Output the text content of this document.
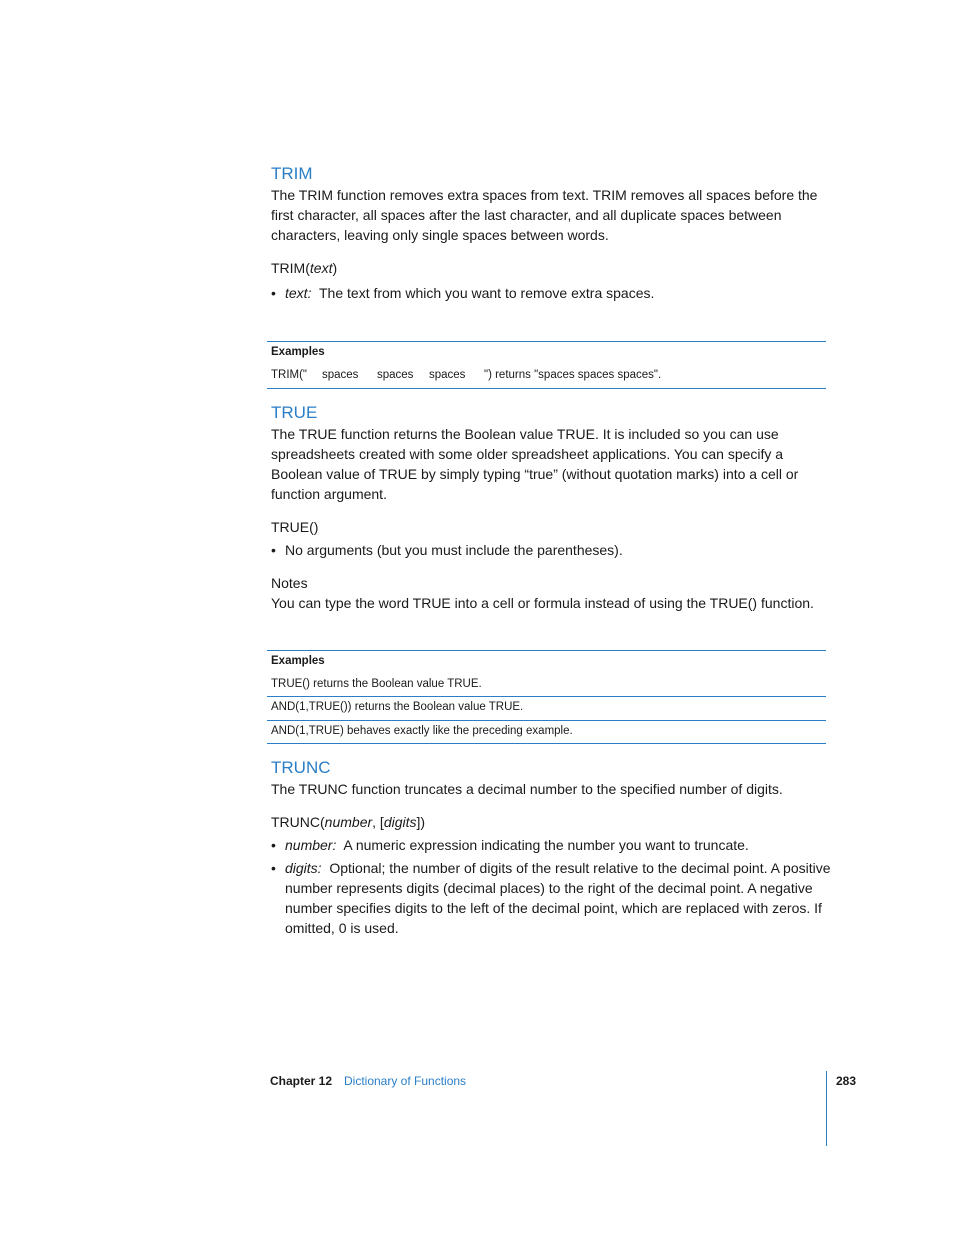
TRIM
The TRIM function removes extra spaces from text. TRIM removes all spaces before the first character, all spaces after the last character, and all duplicate spaces between characters, leaving only single spaces between words.
TRIM(text)
• text: The text from which you want to remove extra spaces.
Examples
TRIM(" spaces spaces spaces ") returns "spaces spaces spaces".
TRUE
The TRUE function returns the Boolean value TRUE. It is included so you can use spreadsheets created with some older spreadsheet applications. You can specify a Boolean value of TRUE by simply typing “true” (without quotation marks) into a cell or function argument.
TRUE()
• No arguments (but you must include the parentheses).
Notes
You can type the word TRUE into a cell or formula instead of using the TRUE() function.
Examples
TRUE() returns the Boolean value TRUE.
AND(1,TRUE()) returns the Boolean value TRUE.
AND(1,TRUE) behaves exactly like the preceding example.
TRUNC
The TRUNC function truncates a decimal number to the specified number of digits.
TRUNC(number, [digits])
• number: A numeric expression indicating the number you want to truncate.
• digits: Optional; the number of digits of the result relative to the decimal point. A positive number represents digits (decimal places) to the right of the decimal point. A negative number specifies digits to the left of the decimal point, which are replaced with zeros. If omitted, 0 is used.
Chapter 12 Dictionary of Functions	283
